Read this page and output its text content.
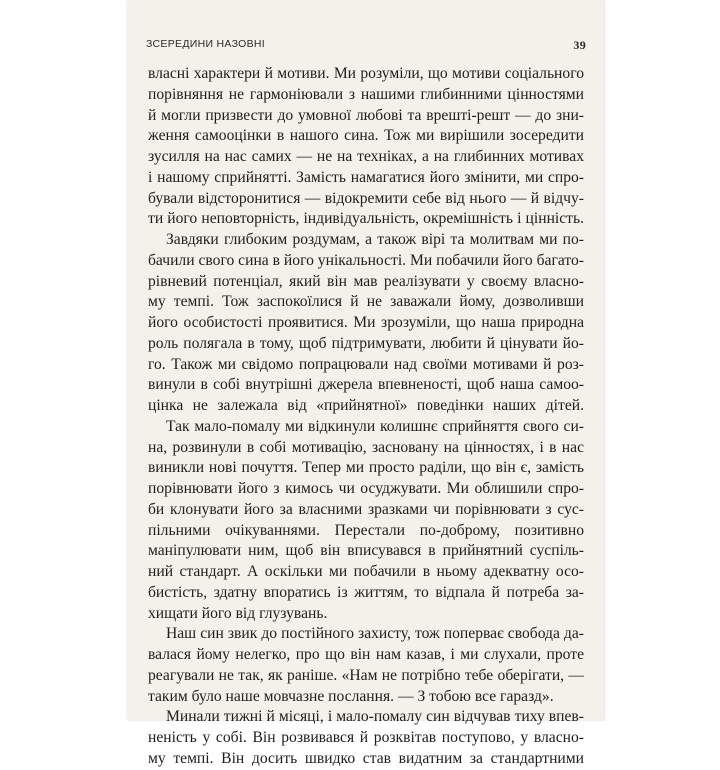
ЗСЕРЕДИНИ НАЗОВНІ	39
власні характери й мотиви. Ми розуміли, що мотиви соціального
порівняння не гармоніювали з нашими глибинними цінностями
й могли призвести до умовної любові та врешті-решт — до зни-
ження самооцінки в нашого сина. Тож ми вирішили зосередити
зусилля на нас самих — не на техніках, а на глибинних мотивах
і нашому сприйнятті. Замість намагатися його змінити, ми спро-
бували відсторонитися — відокремити себе від нього — й відчу-
ти його неповторність, індивідуальність, окремішність і цінність.
Завдяки глибоким роздумам, а також вірі та молитвам ми по-
бачили свого сина в його унікальності. Ми побачили його багато-
рівневий потенціал, який він мав реалізувати у своєму власно-
му темпі. Тож заспокоїлися й не заважали йому, дозволивши
його особистості проявитися. Ми зрозуміли, що наша природна
роль полягала в тому, щоб підтримувати, любити й цінувати йо-
го. Також ми свідомо попрацювали над своїми мотивами й роз-
винули в собі внутрішні джерела впевненості, щоб наша самоо-
цінка не залежала від «прийнятної» поведінки наших дітей.
Так мало-помалу ми відкинули колишнє сприйняття свого си-
на, розвинули в собі мотивацію, засновану на цінностях, і в нас
виникли нові почуття. Тепер ми просто раділи, що він є, замість
порівнювати його з кимось чи осуджувати. Ми облишили спро-
би клонувати його за власними зразками чи порівнювати з сус-
пільними очікуваннями. Перестали по-доброму, позитивно
маніпулювати ним, щоб він вписувався в прийнятний суспіль-
ний стандарт. А оскільки ми побачили в ньому адекватну осо-
бистість, здатну впоратись із життям, то відпала й потреба за-
хищати його від глузувань.
Наш син звик до постійного захисту, тож поперває свобода да-
валася йому нелегко, про що він нам казав, і ми слухали, проте
реагували не так, як раніше. «Нам не потрібно тебе оберігати, —
таким було наше мовчазне послання. — З тобою все гаразд».
Минали тижні й місяці, і мало-помалу син відчував тиху впев-
неність у собі. Він розвивався й розквітав поступово, у власно-
му темпі. Він досить швидко став видатним за стандартними
